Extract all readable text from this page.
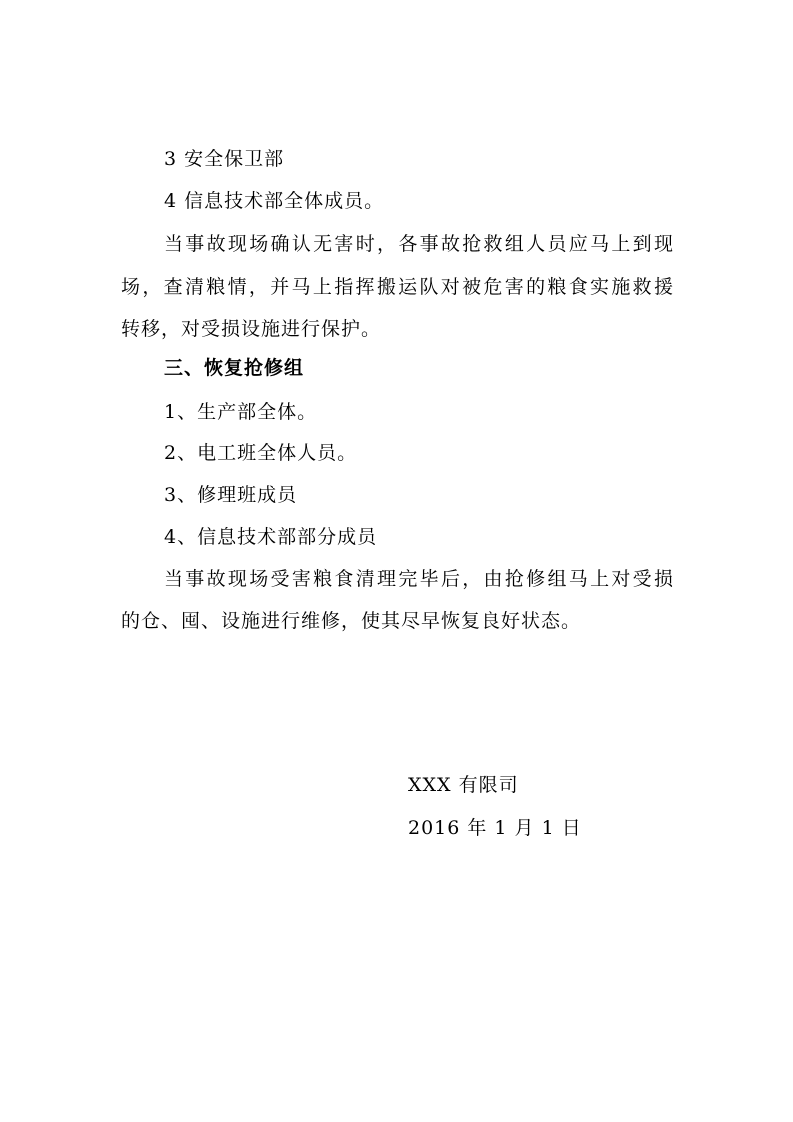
3 安全保卫部
4 信息技术部全体成员。
当事故现场确认无害时，各事故抢救组人员应马上到现
场，查清粮情，并马上指挥搬运队对被危害的粮食实施救援
转移，对受损设施进行保护。
三、恢复抢修组
1、生产部全体。
2、电工班全体人员。
3、修理班成员
4、信息技术部部分成员
当事故现场受害粮食清理完毕后，由抢修组马上对受损
的仓、囤、设施进行维修，使其尽早恢复良好状态。
XXX 有限司
2016 年 1 月 1 日
